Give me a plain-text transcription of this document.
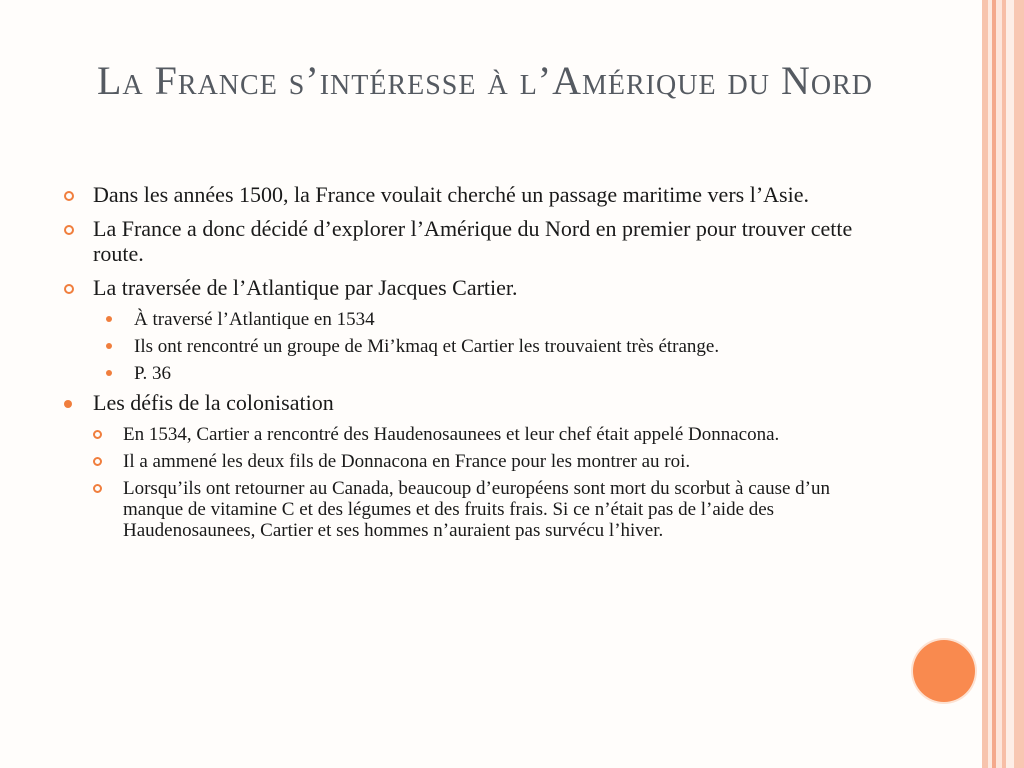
La France s’intéresse à l’Amérique du Nord
Dans les années 1500, la France voulait cherché un passage maritime vers l’Asie.
La France a donc décidé d’explorer l’Amérique du Nord en premier pour trouver cette route.
La traversée de l’Atlantique par Jacques Cartier.
À traversé l’Atlantique en 1534
Ils ont rencontré un groupe de Mi’kmaq et Cartier les trouvaient très étrange.
P. 36
Les défis de la colonisation
En 1534, Cartier a rencontré des Haudenosaunees et leur chef était appelé Donnacona.
Il a ammené les deux fils de Donnacona en France pour les montrer au roi.
Lorsqu’ils ont retourner au Canada, beaucoup d’européens sont mort du scorbut à cause d’un manque de vitamine C et des légumes et des fruits frais. Si ce n’était pas de l’aide des Haudenosaunees, Cartier et ses hommes n’auraient pas survécu l’hiver.
